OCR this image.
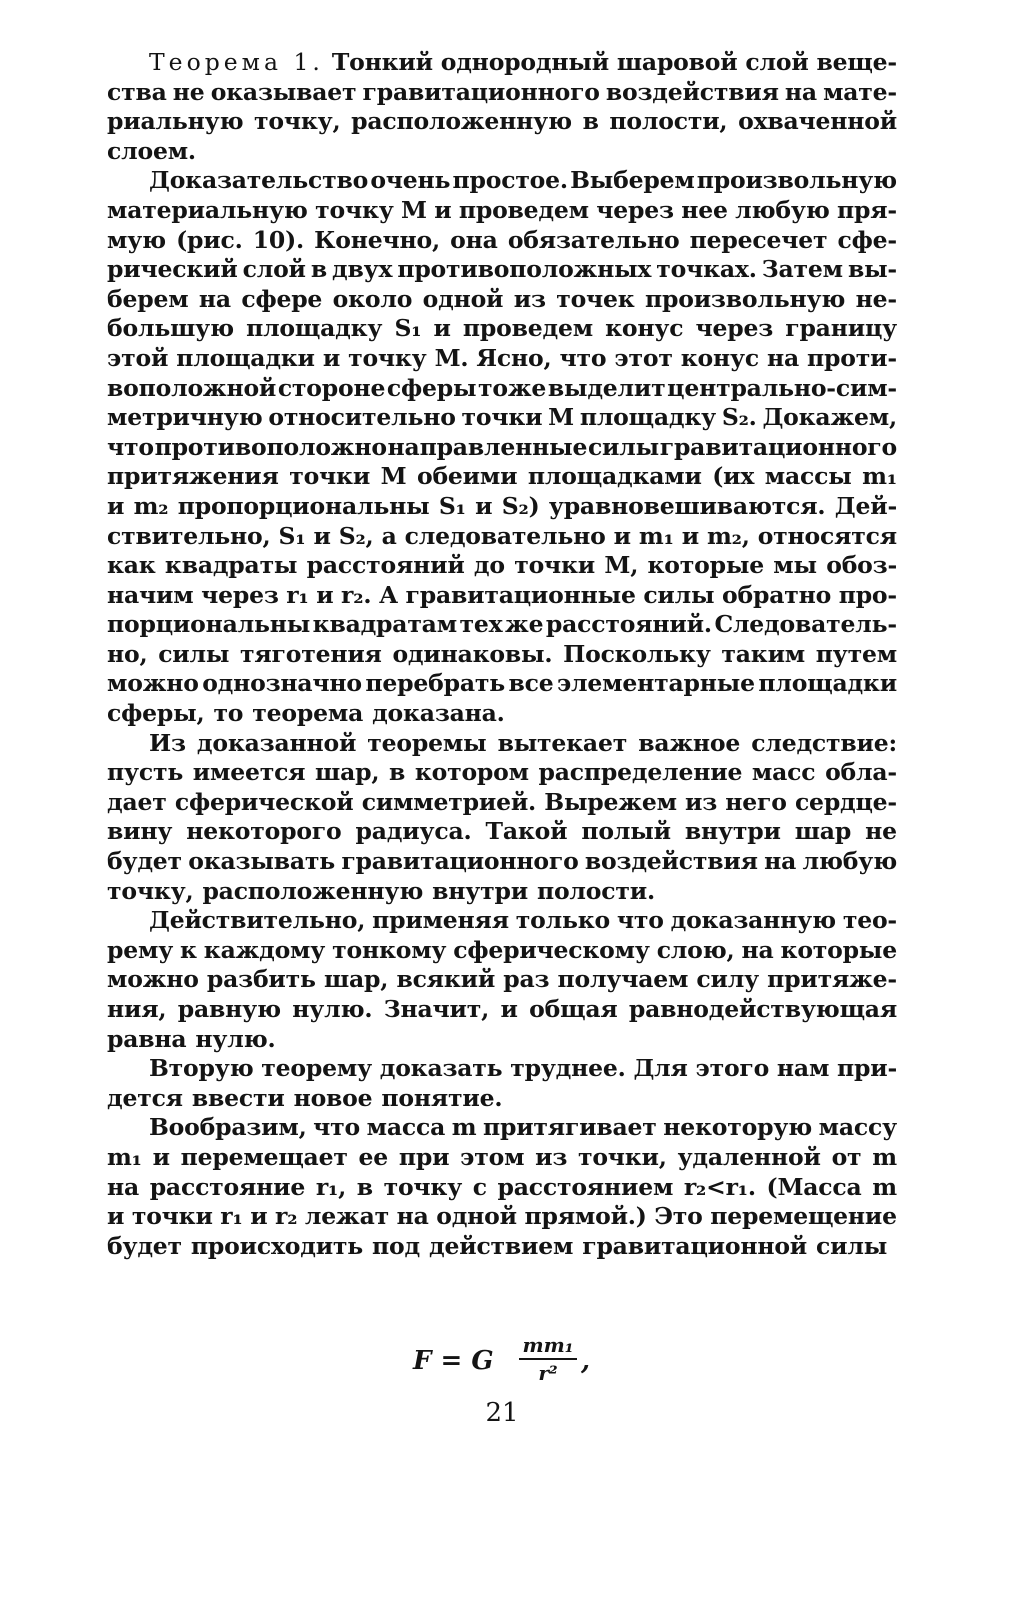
Теорема 1. Тонкий однородный шаровой слой веще-
ства не оказывает гравитационного воздействия на мате-
риальную точку, расположенную в полости, охваченной
слоем.
Доказательство очень простое. Выберем произвольную
материальную точку М и проведем через нее любую пря-
мую (рис. 10). Конечно, она обязательно пересечет сфе-
рический слой в двух противоположных точках. Затем вы-
берем на сфере около одной из точек произвольную не-
большую площадку S₁ и проведем конус через границу
этой площадки и точку М. Ясно, что этот конус на проти-
воположной стороне сферы тоже выделит центрально-сим-
метричную относительно точки М площадку S₂. Докажем,
что противоположно направленные силы гравитационного
притяжения точки М обеими площадками (их массы m₁
и m₂ пропорциональны S₁ и S₂) уравновешиваются. Дей-
ствительно, S₁ и S₂, а следовательно и m₁ и m₂, относятся
как квадраты расстояний до точки М, которые мы обоз-
начим через r₁ и r₂. А гравитационные силы обратно про-
порциональны квадратам тех же расстояний. Следователь-
но, силы тяготения одинаковы. Поскольку таким путем
можно однозначно перебрать все элементарные площадки
сферы, то теорема доказана.
Из доказанной теоремы вытекает важное следствие:
пусть имеется шар, в котором распределение масс обла-
дает сферической симметрией. Вырежем из него сердце-
вину некоторого радиуса. Такой полый внутри шар не
будет оказывать гравитационного воздействия на любую
точку, расположенную внутри полости.
Действительно, применяя только что доказанную тео-
рему к каждому тонкому сферическому слою, на которые
можно разбить шар, всякий раз получаем силу притяже-
ния, равную нулю. Значит, и общая равнодействующая
равна нулю.
Вторую теорему доказать труднее. Для этого нам при-
дется ввести новое понятие.
Вообразим, что масса m притягивает некоторую массу
m₁ и перемещает ее при этом из точки, удаленной от m
на расстояние r₁, в точку с расстоянием r₂<r₁. (Масса m
и точки r₁ и r₂ лежат на одной прямой.) Это перемещение
будет происходить под действием гравитационной силы
F = G
mm₁
r² ,
21
